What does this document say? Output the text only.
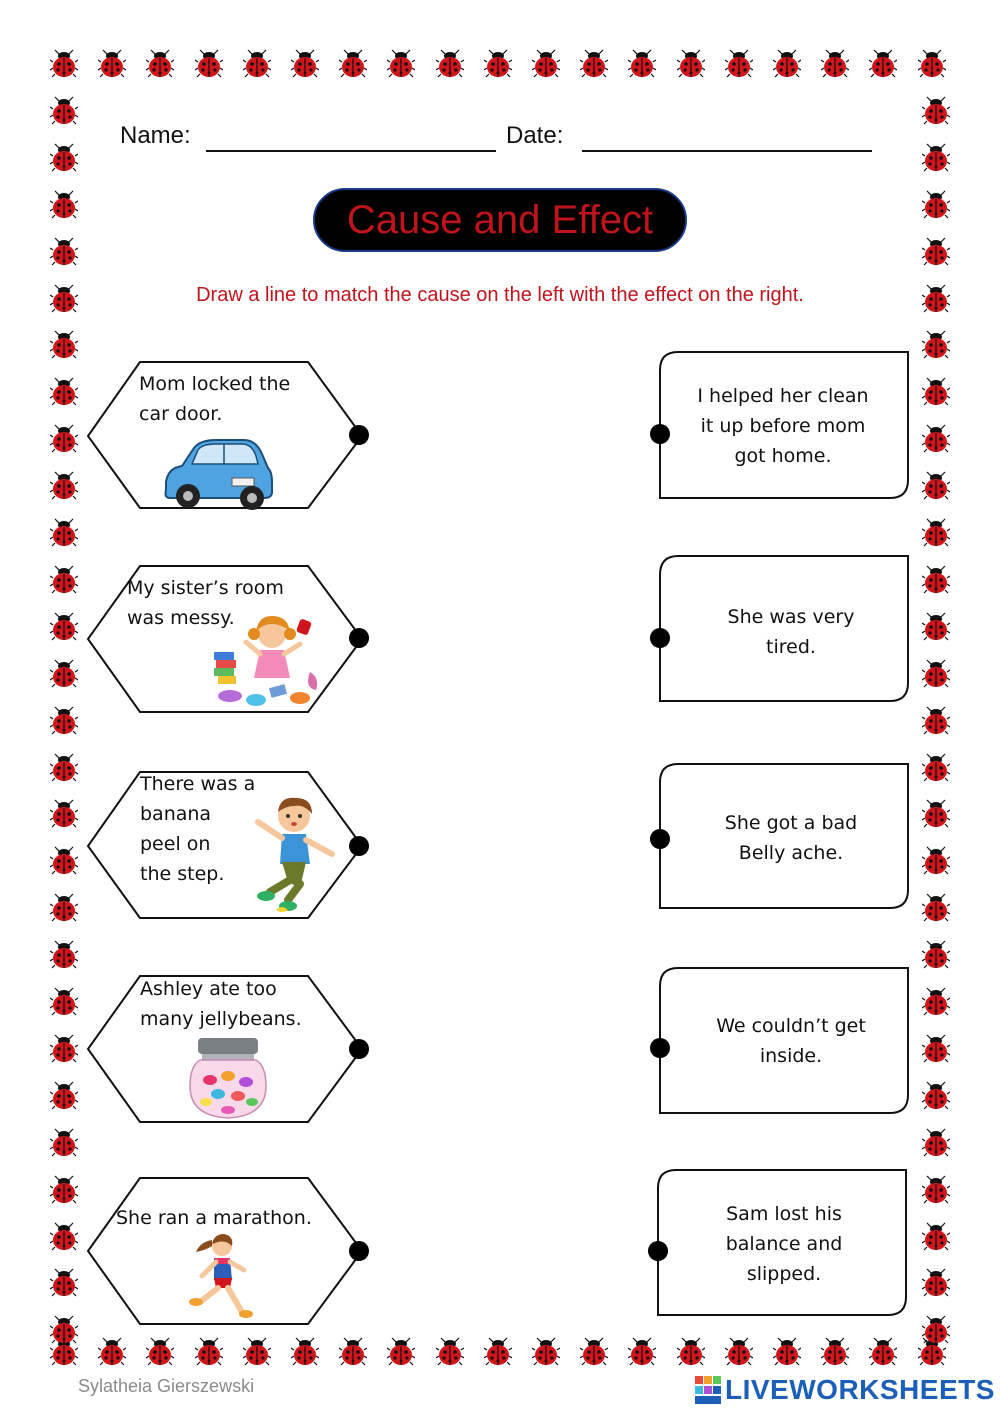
Name:	Date:
Cause and Effect
Draw a line to match the cause on the left with the effect on the right.
Mom locked the
car door.
My sister’s room
was messy.
There was a
banana
peel on
the step.
Ashley ate too
many jellybeans.
She ran a marathon.
I helped her clean
it up before mom
got home.
She was very
tired.
She got a bad
Belly ache.
We couldn’t get
inside.
Sam lost his
balance and
slipped.
Sylatheia Gierszewski	LIVEWORKSHEETS
